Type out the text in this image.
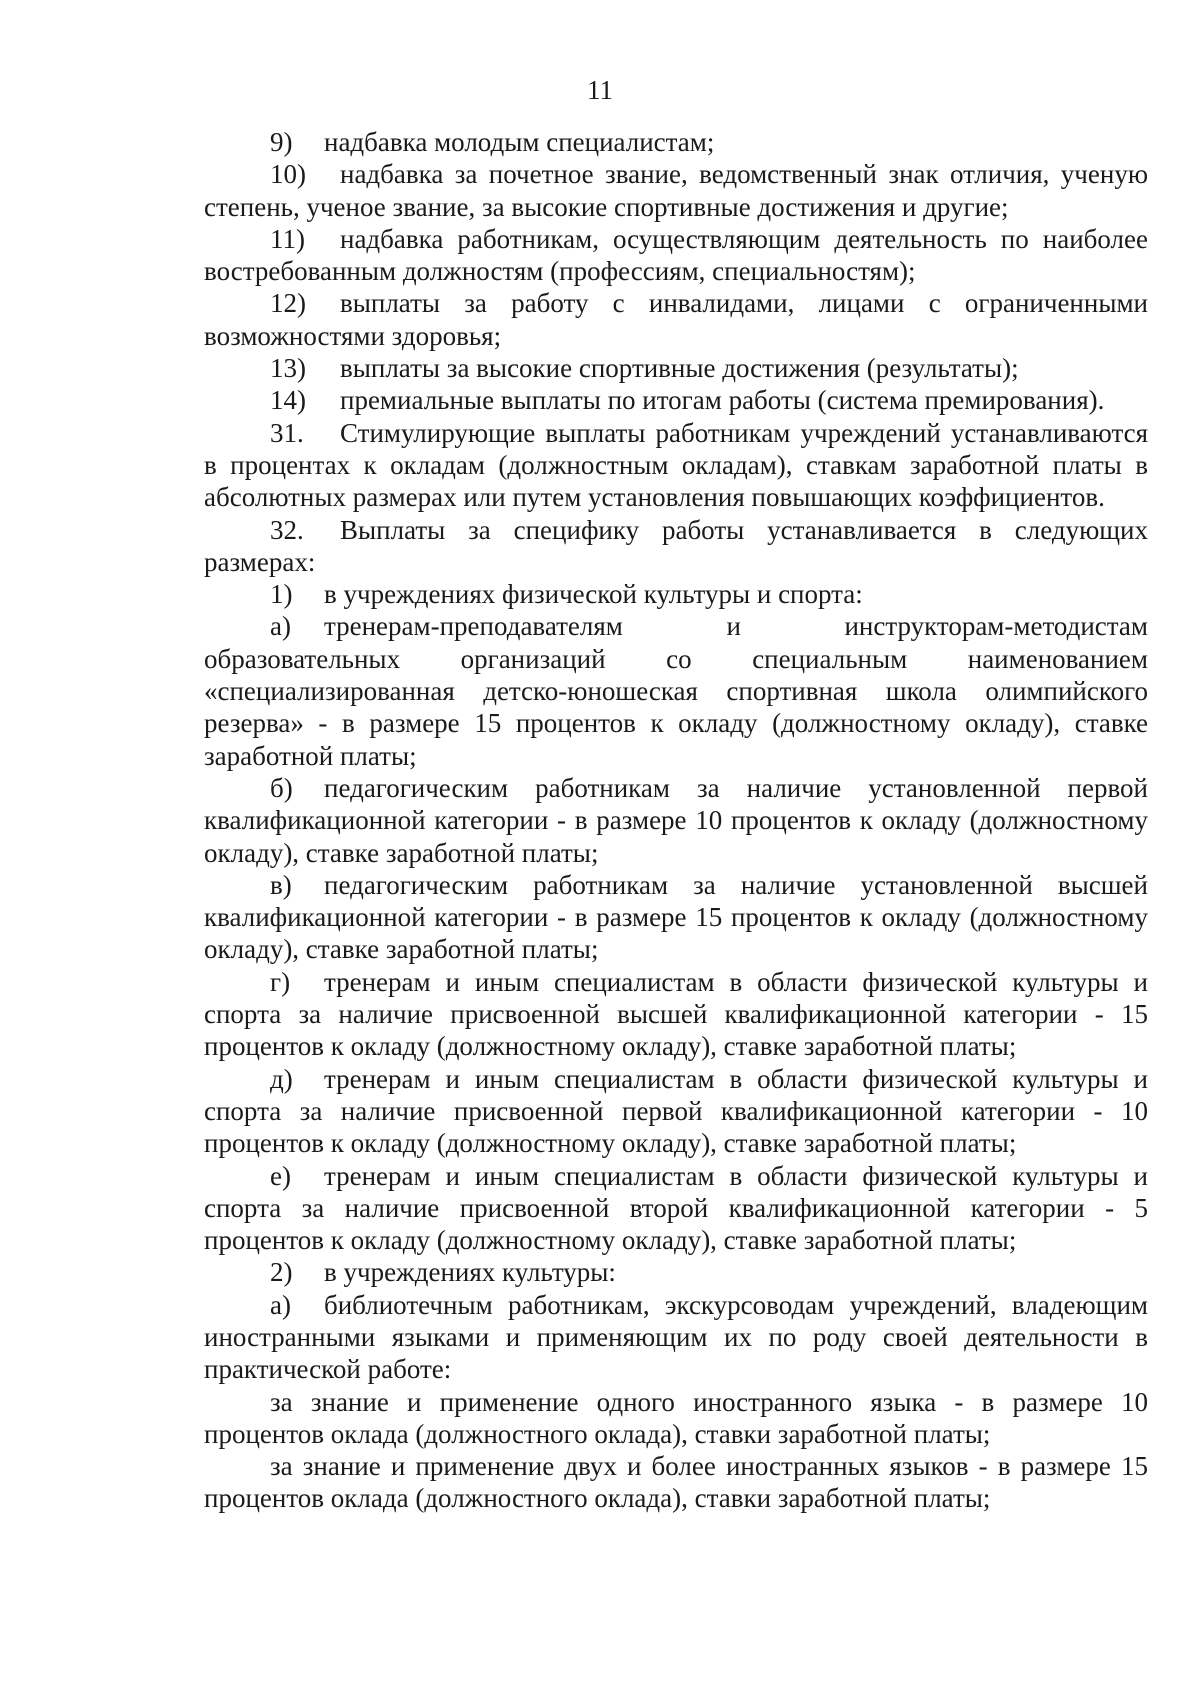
11

9) надбавка молодым специалистам;

10) надбавка за почетное звание, ведомственный знак отличия, ученую степень, ученое звание, за высокие спортивные достижения и другие;

11) надбавка работникам, осуществляющим деятельность по наиболее востребованным должностям (профессиям, специальностям);

12) выплаты за работу с инвалидами, лицами с ограниченными возможностями здоровья;

13) выплаты за высокие спортивные достижения (результаты);

14) премиальные выплаты по итогам работы (система премирования).

31. Стимулирующие выплаты работникам учреждений устанавливаются в процентах к окладам (должностным окладам), ставкам заработной платы в абсолютных размерах или путем установления повышающих коэффициентов.

32. Выплаты за специфику работы устанавливается в следующих размерах:

1) в учреждениях физической культуры и спорта:

а) тренерам-преподавателям и инструкторам-методистам образовательных организаций со специальным наименованием «специализированная детско-юношеская спортивная школа олимпийского резерва» - в размере 15 процентов к окладу (должностному окладу), ставке заработной платы;

б) педагогическим работникам за наличие установленной первой квалификационной категории - в размере 10 процентов к окладу (должностному окладу), ставке заработной платы;

в) педагогическим работникам за наличие установленной высшей квалификационной категории - в размере 15 процентов к окладу (должностному окладу), ставке заработной платы;

г) тренерам и иным специалистам в области физической культуры и спорта за наличие присвоенной высшей квалификационной категории - 15 процентов к окладу (должностному окладу), ставке заработной платы;

д) тренерам и иным специалистам в области физической культуры и спорта за наличие присвоенной первой квалификационной категории - 10 процентов к окладу (должностному окладу), ставке заработной платы;

е) тренерам и иным специалистам в области физической культуры и спорта за наличие присвоенной второй квалификационной категории - 5 процентов к окладу (должностному окладу), ставке заработной платы;

2) в учреждениях культуры:

а) библиотечным работникам, экскурсоводам учреждений, владеющим иностранными языками и применяющим их по роду своей деятельности в практической работе:

за знание и применение одного иностранного языка - в размере 10 процентов оклада (должностного оклада), ставки заработной платы;

за знание и применение двух и более иностранных языков - в размере 15 процентов оклада (должностного оклада), ставки заработной платы;
